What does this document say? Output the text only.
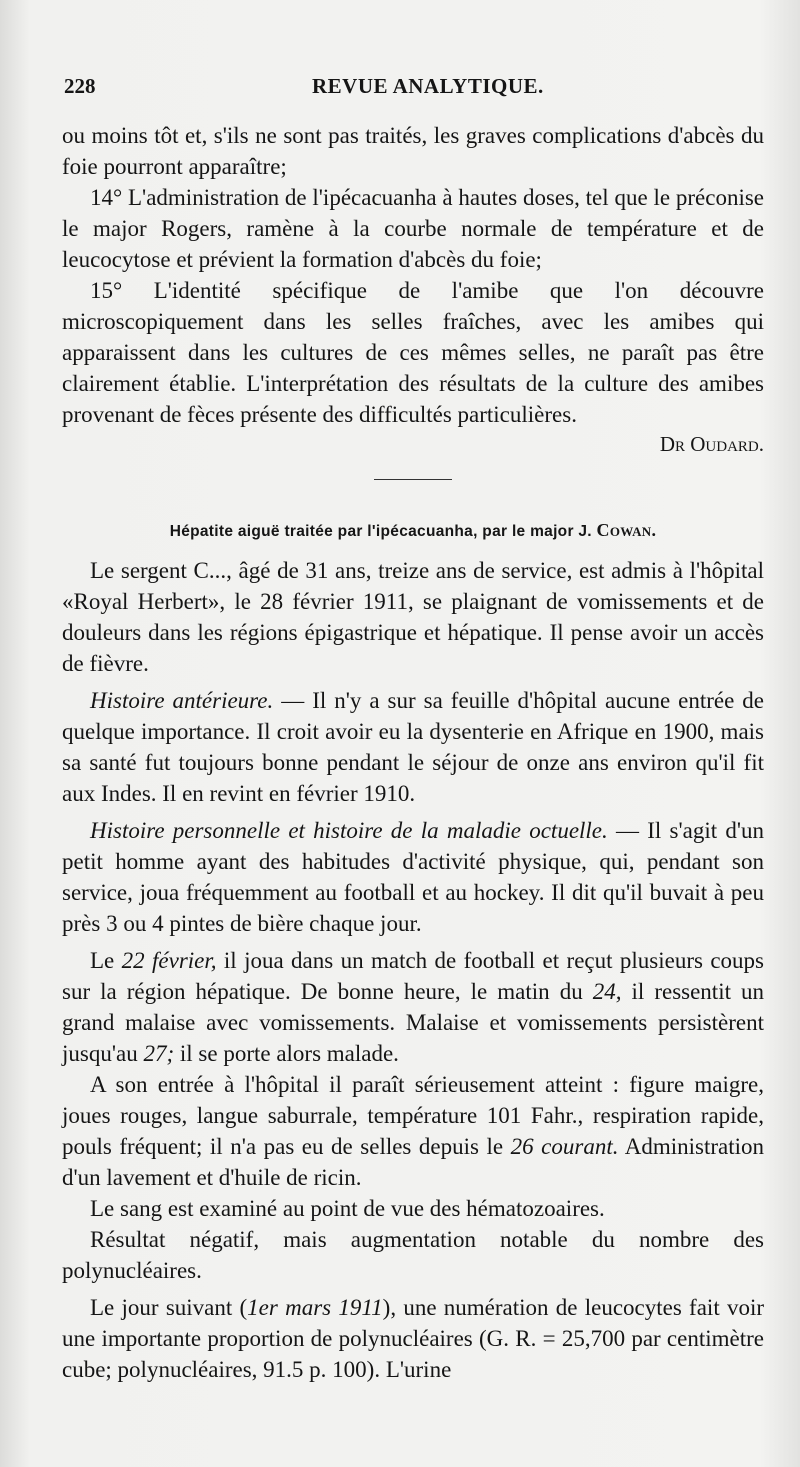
228	REVUE ANALYTIQUE.

ou moins tôt et, s'ils ne sont pas traités, les graves complications d'abcès du foie pourront apparaître;

14° L'administration de l'ipécacuanha à hautes doses, tel que le préconise le major Rogers, ramène à la courbe normale de température et de leucocytose et prévient la formation d'abcès du foie;

15° L'identité spécifique de l'amibe que l'on découvre microscopiquement dans les selles fraîches, avec les amibes qui apparaissent dans les cultures de ces mêmes selles, ne paraît pas être clairement établie. L'interprétation des résultats de la culture des amibes provenant de fèces présente des difficultés particulières.

Dr Oudard.
Hépatite aiguë traitée par l'ipécacuanha, par le major J. Cowan.

Le sergent C..., âgé de 31 ans, treize ans de service, est admis à l'hôpital «Royal Herbert», le 28 février 1911, se plaignant de vomissements et de douleurs dans les régions épigastrique et hépatique. Il pense avoir un accès de fièvre.

Histoire antérieure. — Il n'y a sur sa feuille d'hôpital aucune entrée de quelque importance. Il croit avoir eu la dysenterie en Afrique en 1900, mais sa santé fut toujours bonne pendant le séjour de onze ans environ qu'il fit aux Indes. Il en revint en février 1910.

Histoire personnelle et histoire de la maladie octuelle. — Il s'agit d'un petit homme ayant des habitudes d'activité physique, qui, pendant son service, joua fréquemment au football et au hockey. Il dit qu'il buvait à peu près 3 ou 4 pintes de bière chaque jour.

Le 22 février, il joua dans un match de football et reçut plusieurs coups sur la région hépatique. De bonne heure, le matin du 24, il ressentit un grand malaise avec vomissements. Malaise et vomissements persistèrent jusqu'au 27; il se porte alors malade.

A son entrée à l'hôpital il paraît sérieusement atteint : figure maigre, joues rouges, langue saburrale, température 101 Fahr., respiration rapide, pouls fréquent; il n'a pas eu de selles depuis le 26 courant. Administration d'un lavement et d'huile de ricin.

Le sang est examiné au point de vue des hématozoaires.

Résultat négatif, mais augmentation notable du nombre des polynucléaires.

Le jour suivant (1er mars 1911), une numération de leucocytes fait voir une importante proportion de polynucléaires (G. R. = 25,700 par centimètre cube; polynucléaires, 91.5 p. 100). L'urine
